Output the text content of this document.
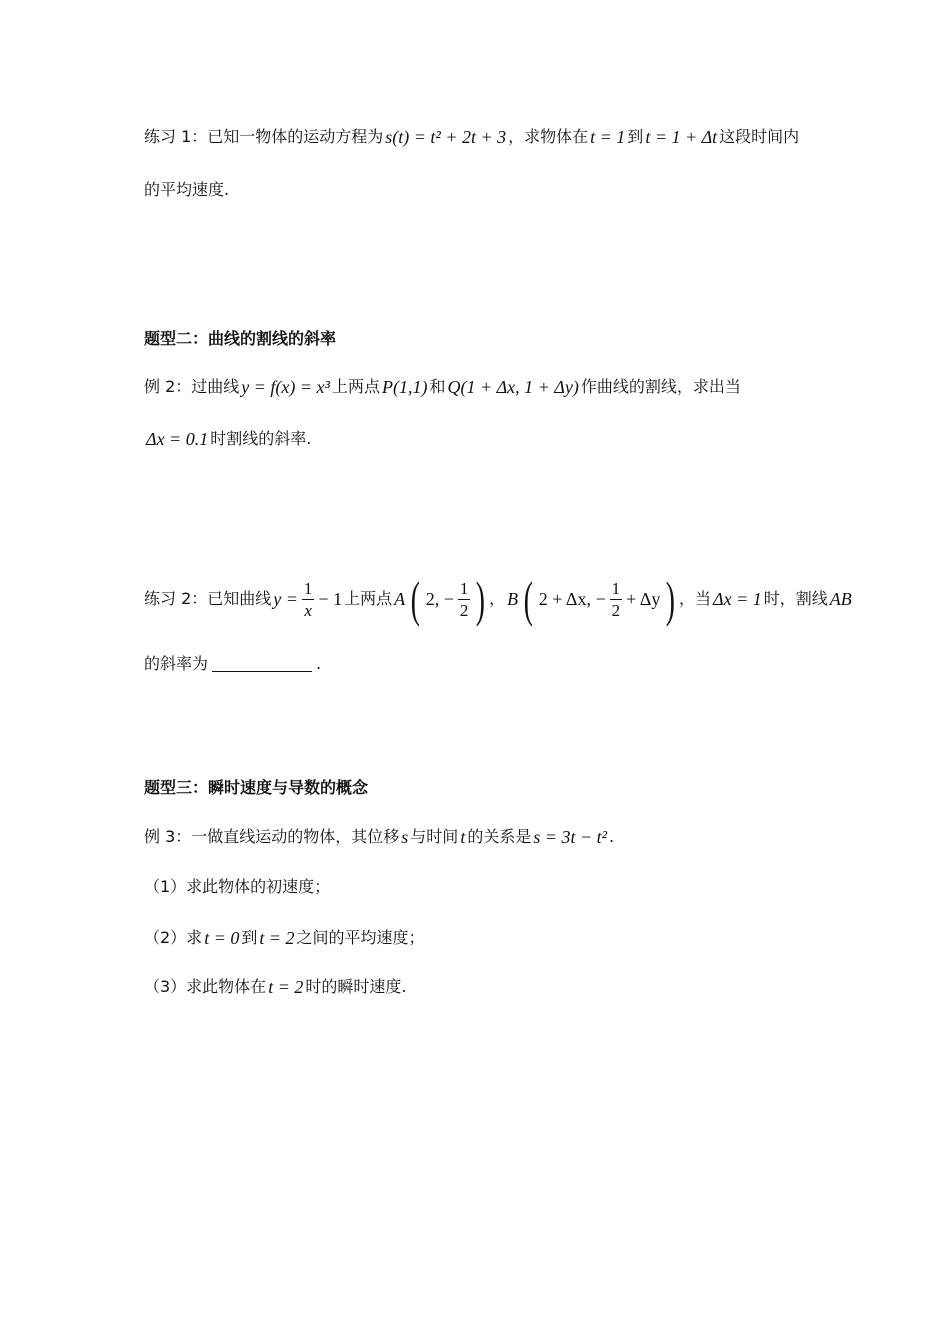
练习 1：已知一物体的运动方程为 s(t) = t² + 2t + 3 ，求物体在 t = 1 到 t = 1 + Δt 这段时间内
的平均速度.
题型二：曲线的割线的斜率
例 2：过曲线 y = f(x) = x³ 上两点 P(1,1) 和 Q(1 + Δx, 1 + Δy) 作曲线的割线，求出当
Δx = 0.1 时割线的斜率.
练习 2：已知曲线 $y = \frac{1}{x} - 1$ 上两点 A ( 2, − $\frac{1}{2}$ ) ， B ( 2 + Δx, − $\frac{1}{2} + \Delta y$ ) ，当 Δx = 1 时，割线 AB
的斜率为	.
题型三：瞬时速度与导数的概念
例 3：一做直线运动的物体，其位移 s 与时间 t 的关系是 s = 3t − t² .
（1）求此物体的初速度；
（2）求 t = 0 到 t = 2 之间的平均速度；
（3）求此物体在 t = 2 时的瞬时速度.
